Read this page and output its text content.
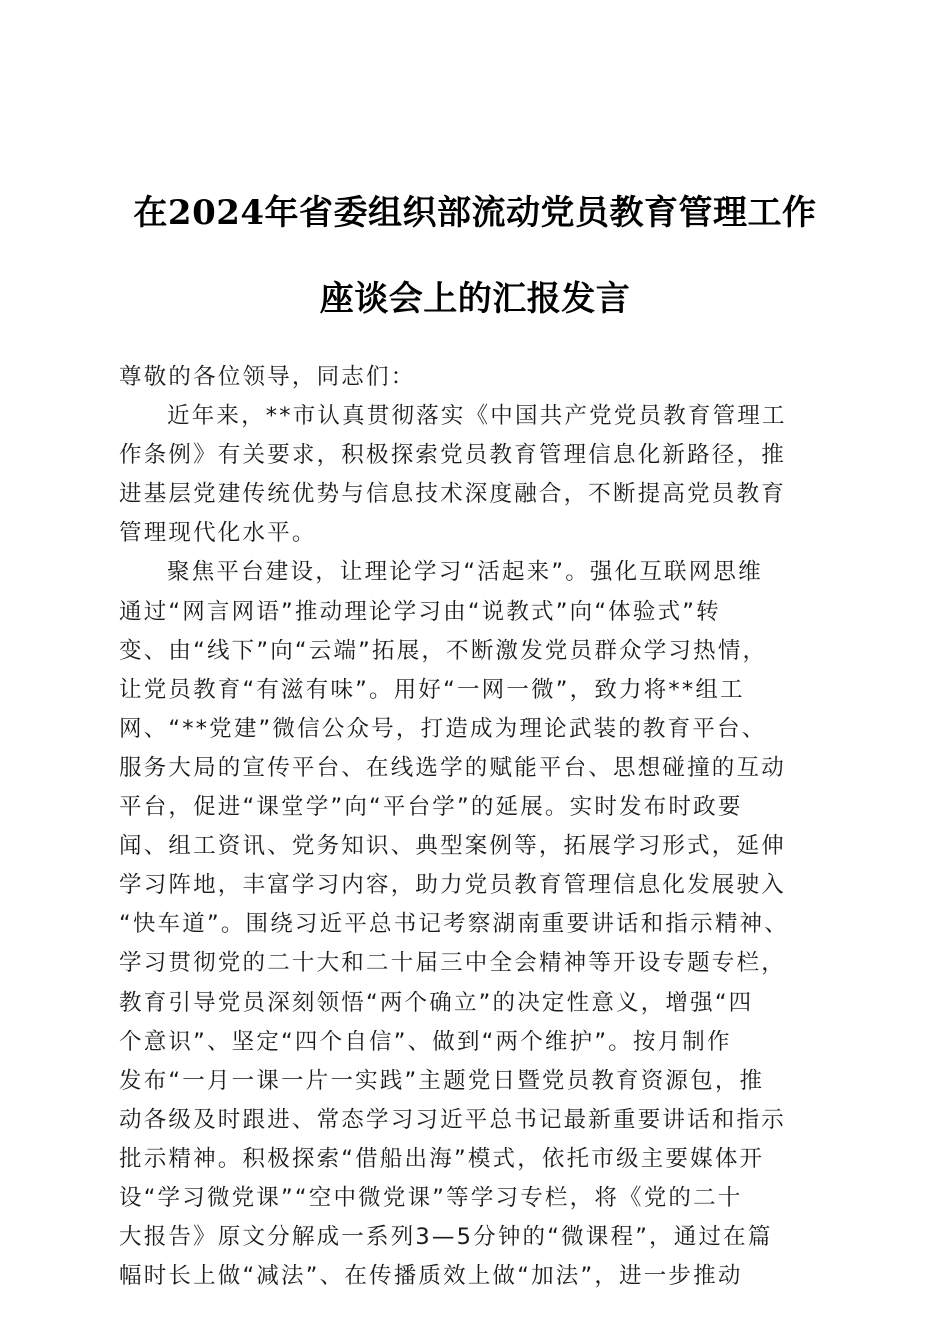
在2024年省委组织部流动党员教育管理工作
座谈会上的汇报发言
尊敬的各位领导，同志们：
近年来，**市认真贯彻落实《中国共产党党员教育管理工
作条例》有关要求，积极探索党员教育管理信息化新路径，推
进基层党建传统优势与信息技术深度融合，不断提高党员教育
管理现代化水平。
聚焦平台建设，让理论学习“活起来”。强化互联网思维
通过“网言网语”推动理论学习由“说教式”向“体验式”转
变、由“线下”向“云端”拓展，不断激发党员群众学习热情，
让党员教育“有滋有味”。用好“一网一微”，致力将**组工
网、“**党建”微信公众号，打造成为理论武装的教育平台、
服务大局的宣传平台、在线选学的赋能平台、思想碰撞的互动
平台，促进“课堂学”向“平台学”的延展。实时发布时政要
闻、组工资讯、党务知识、典型案例等，拓展学习形式，延伸
学习阵地，丰富学习内容，助力党员教育管理信息化发展驶入
“快车道”。围绕习近平总书记考察湖南重要讲话和指示精神、
学习贯彻党的二十大和二十届三中全会精神等开设专题专栏，
教育引导党员深刻领悟“两个确立”的决定性意义，增强“四
个意识”、坚定“四个自信”、做到“两个维护”。按月制作
发布“一月一课一片一实践”主题党日暨党员教育资源包，推
动各级及时跟进、常态学习习近平总书记最新重要讲话和指示
批示精神。积极探索“借船出海”模式，依托市级主要媒体开
设“学习微党课”“空中微党课”等学习专栏，将《党的二十
大报告》原文分解成一系列3—5分钟的“微课程”，通过在篇
幅时长上做“减法”、在传播质效上做“加法”，进一步推动
